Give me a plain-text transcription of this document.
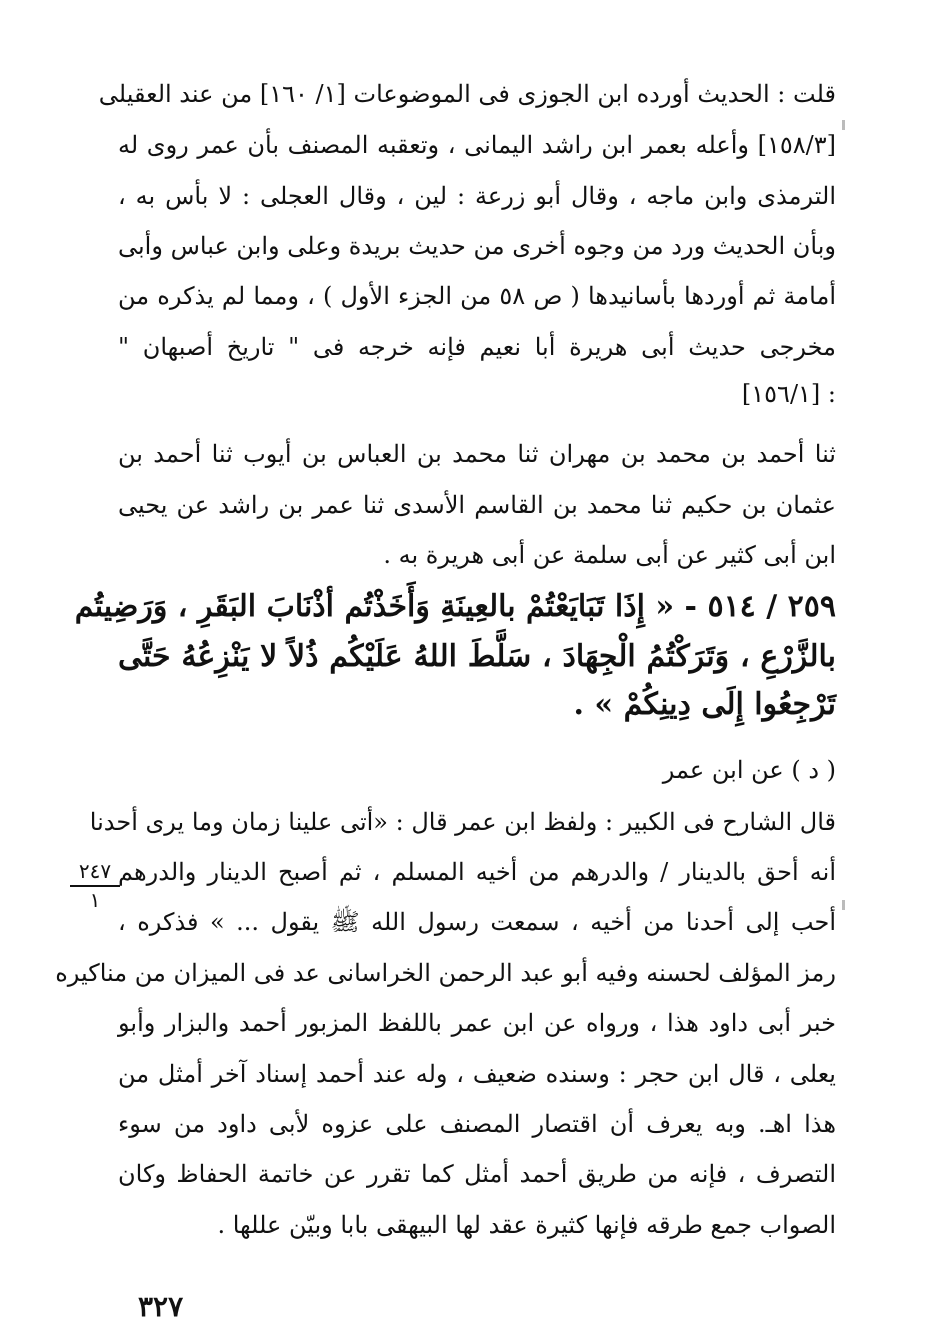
قلت : الحديث أورده ابن الجوزى فى الموضوعات [١/ ١٦٠] من عند العقيلى
[١٥٨/٣] وأعله بعمر ابن راشد اليمانى ، وتعقبه المصنف بأن عمر روى له
الترمذى وابن ماجه ، وقال أبو زرعة : لين ، وقال العجلى : لا بأس به ،
وبأن الحديث ورد من وجوه أخرى من حديث بريدة وعلى وابن عباس وأبى
أمامة ثم أوردها بأسانيدها ( ص ٥٨ من الجزء الأول ) ، ومما لم يذكره من
مخرجى حديث أبى هريرة أبا نعيم فإنه خرجه فى " تاريخ أصبهان "
: [١٥٦/١]
ثنا أحمد بن محمد بن مهران ثنا محمد بن العباس بن أيوب ثنا أحمد بن
عثمان بن حكيم ثنا محمد بن القاسم الأسدى ثنا عمر بن راشد عن يحيى
ابن أبى كثير عن أبى سلمة عن أبى هريرة به .
٢٥٩ / ٥١٤ - « إِذَا تَبَايَعْتُمْ بالعِينَةِ وَأَخَذْتُم أذْنَابَ البَقَرِ ، وَرَضِيتُم
بالزَّرْعِ ، وَتَرَكْتُمُ الْجِهَادَ ، سَلَّطَ اللهُ عَلَيْكُم ذُلاً لا يَنْزِعُهُ حَتَّى
تَرْجِعُوا إِلَى دِينِكُمْ » .
( د ) عن ابن عمر
قال الشارح فى الكبير : ولفظ ابن عمر قال : «أتى علينا زمان وما يرى أحدنا
أنه أحق بالدينار / والدرهم من أخيه المسلم ، ثم أصبح الدينار والدرهم
أحب إلى أحدنا من أخيه ، سمعت رسول الله ﷺ يقول ... » فذكره ،
رمز المؤلف لحسنه وفيه أبو عبد الرحمن الخراسانى عد فى الميزان من مناكيره
خبر أبى داود هذا ، ورواه عن ابن عمر باللفظ المزبور أحمد والبزار وأبو
يعلى ، قال ابن حجر : وسنده ضعيف ، وله عند أحمد إسناد آخر أمثل من
هذا اهـ. وبه يعرف أن اقتصار المصنف على عزوه لأبى داود من سوء
التصرف ، فإنه من طريق أحمد أمثل كما تقرر عن خاتمة الحفاظ وكان
الصواب جمع طرقه فإنها كثيرة عقد لها البيهقى بابا وبيّن عللها .
٢٤٧
١
٣٢٧
